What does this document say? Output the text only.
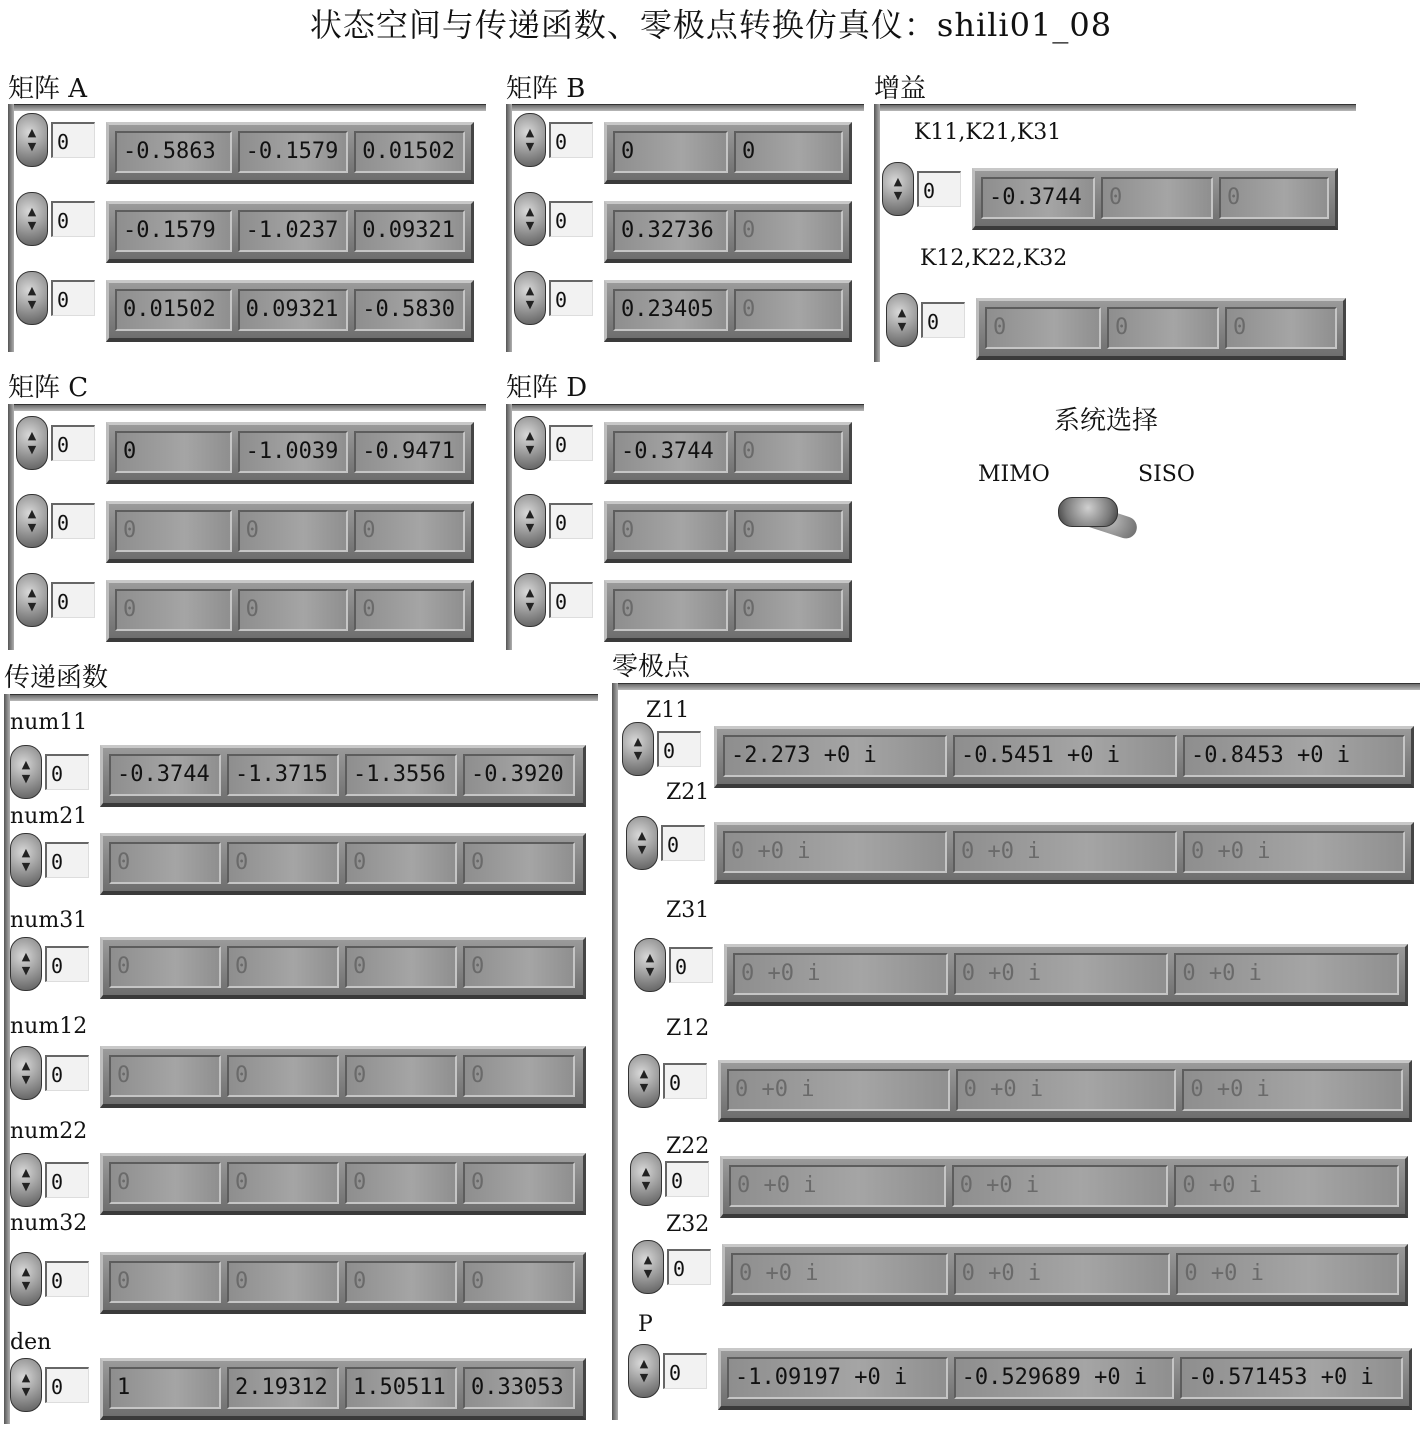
状态空间与传递函数、零极点转换仿真仪：shili01_08
矩阵 A
▲
▼	0	-0.5863	-0.1579	0.01502
▲
▼	0	-0.1579	-1.0237	0.09321
▲
▼	0	0.01502	0.09321	-0.5830
矩阵 B
▲
▼	0	0	0
▲
▼	0	0.32736	0
▲
▼	0	0.23405	0
增益
K11,K21,K31
▲
▼	0	-0.3744	0	0
K12,K22,K32
▲
▼	0	0	0	0
矩阵 C
▲
▼	0	0	-1.0039	-0.9471
▲
▼	0	0	0	0
▲
▼	0	0	0	0
矩阵 D
▲
▼	0	-0.3744	0
▲
▼	0	0	0
▲
▼	0	0	0
系统选择
MIMO	SISO
传递函数
num11
▲
▼	0	-0.3744	-1.3715	-1.3556	-0.3920
num21
▲
▼	0	0	0	0	0
num31
▲
▼	0	0	0	0	0
num12
▲
▼	0	0	0	0	0
num22
▲
▼	0	0	0	0	0
num32
▲
▼	0	0	0	0	0
den
▲
▼	0	1	2.19312	1.50511	0.33053
零极点
Z11
▲
▼	0	-2.273 +0 i	-0.5451 +0 i	-0.8453 +0 i
Z21
▲
▼	0	0 +0 i	0 +0 i	0 +0 i
Z31
▲
▼	0	0 +0 i	0 +0 i	0 +0 i
Z12
▲
▼	0	0 +0 i	0 +0 i	0 +0 i
Z22
▲
▼	0	0 +0 i	0 +0 i	0 +0 i
Z32
▲
▼	0	0 +0 i	0 +0 i	0 +0 i
P
▲
▼	0	-1.09197 +0 i	-0.529689 +0 i	-0.571453 +0 i
